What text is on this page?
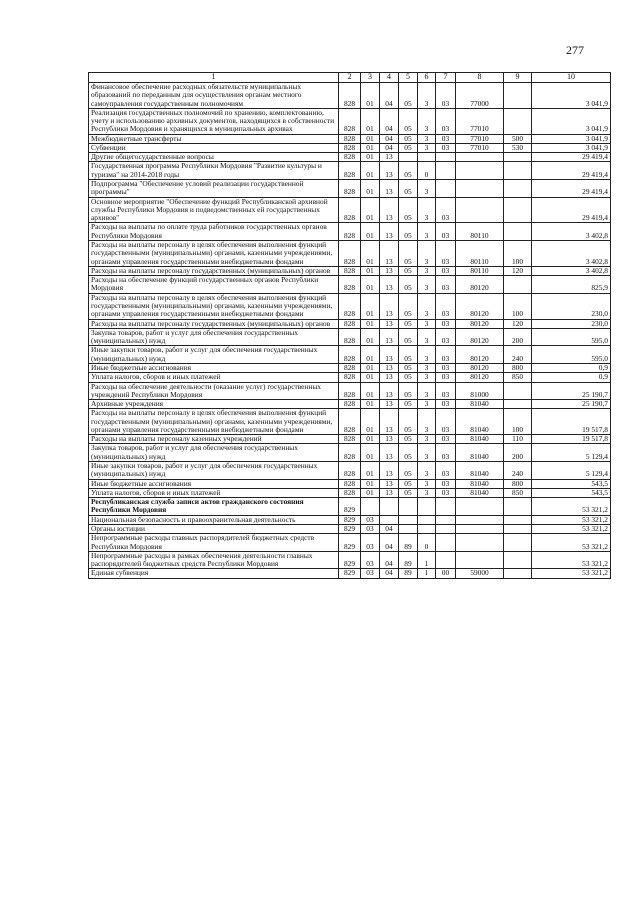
277
1	2	3	4	5	6	7	8	9	10
Финансовое обеспечение расходных обязательств муниципальных образований по переданным для осуществления органам местного самоуправления государственным полномочиям	828	01	04	05	3	03	77000		3 041,9
Реализация государственных полномочий по хранению, комплектованию, учету и использованию архивных документов, находящихся в собственности Республики Мордовия и хранящихся в муниципальных архивах	828	01	04	05	3	03	77010		3 041,9
Межбюджетные трансферты	828	01	04	05	3	03	77010	500	3 041,9
Субвенции	828	01	04	05	3	03	77010	530	3 041,9
Другие общегосударственные вопросы	828	01	13						29 419,4
Государственная программа Республики Мордовия "Развитие культуры и туризма" на 2014-2018 годы	828	01	13	05	0				29 419,4
Подпрограмма "Обеспечение условий реализации государственной программы"	828	01	13	05	3				29 419,4
Основное мероприятие "Обеспечение функций Республиканской архивной службы Республики Мордовия и подведомственных ей государственных архивов"	828	01	13	05	3	03			29 419,4
Расходы на выплаты по оплате труда работников государственных органов Республики Мордовия	828	01	13	05	3	03	80110		3 402,8
Расходы на выплаты персоналу в целях обеспечения выполнения функций государственными (муниципальными) органами, казенными учреждениями, органами управления государственными внебюджетными фондами	828	01	13	05	3	03	80110	100	3 402,8
Расходы на выплаты персоналу государственных (муниципальных) органов	828	01	13	05	3	03	80110	120	3 402,8
Расходы на обеспечение функций государственных органов Республики Мордовия	828	01	13	05	3	03	80120		825,9
Расходы на выплаты персоналу в целях обеспечения выполнения функций государственными (муниципальными) органами, казенными учреждениями, органами управления государственными внебюджетными фондами	828	01	13	05	3	03	80120	100	230,0
Расходы на выплаты персоналу государственных (муниципальных) органов	828	01	13	05	3	03	80120	120	230,0
Закупка товаров, работ и услуг для обеспечения государственных (муниципальных) нужд	828	01	13	05	3	03	80120	200	595,0
Иные закупки товаров, работ и услуг для обеспечения государственных (муниципальных) нужд	828	01	13	05	3	03	80120	240	595,0
Иные бюджетные ассигнования	828	01	13	05	3	03	80120	800	0,9
Уплата налогов, сборов и иных платежей	828	01	13	05	3	03	80120	850	0,9
Расходы на обеспечение деятельности (оказание услуг) государственных учреждений Республики Мордовия	828	01	13	05	3	03	81000		25 190,7
Архивные учреждения	828	01	13	05	3	03	81040		25 190,7
Расходы на выплаты персоналу в целях обеспечения выполнения функций государственными (муниципальными) органами, казенными учреждениями, органами управления государственными внебюджетными фондами	828	01	13	05	3	03	81040	100	19 517,8
Расходы на выплаты персоналу казенных учреждений	828	01	13	05	3	03	81040	110	19 517,8
Закупка товаров, работ и услуг для обеспечения государственных (муниципальных) нужд	828	01	13	05	3	03	81040	200	5 129,4
Иные закупки товаров, работ и услуг для обеспечения государственных (муниципальных) нужд	828	01	13	05	3	03	81040	240	5 129,4
Иные бюджетные ассигнования	828	01	13	05	3	03	81040	800	543,5
Уплата налогов, сборов и иных платежей	828	01	13	05	3	03	81040	850	543,5
Республиканская служба записи актов гражданского состояния Республики Мордовия	829								53 321,2
Национальная безопасность и правоохранительная деятельность	829	03							53 321,2
Органы юстиции	829	03	04						53 321,2
Непрограммные расходы главных распорядителей бюджетных средств Республики Мордовия	829	03	04	89	0				53 321,2
Непрограммные расходы в рамках обеспечения деятельности главных распорядителей бюджетных средств Республики Мордовия	829	03	04	89	1				53 321,2
Единая субвенция	829	03	04	89	1	00	59000		53 321,2
